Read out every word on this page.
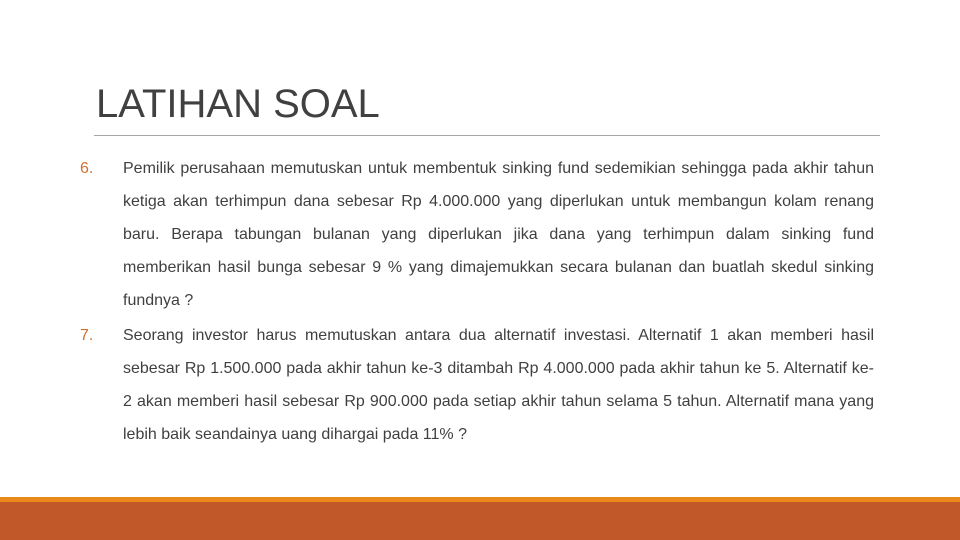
LATIHAN SOAL
6. Pemilik perusahaan memutuskan untuk membentuk sinking fund sedemikian sehingga pada akhir tahun ketiga akan terhimpun dana sebesar Rp 4.000.000 yang diperlukan untuk membangun kolam renang baru. Berapa tabungan bulanan yang diperlukan jika dana yang terhimpun dalam sinking fund memberikan hasil bunga sebesar 9 % yang dimajemukkan secara bulanan dan buatlah skedul sinking fundnya ?
7. Seorang investor harus memutuskan antara dua alternatif investasi. Alternatif 1 akan memberi hasil sebesar Rp 1.500.000 pada akhir tahun ke-3 ditambah Rp 4.000.000 pada akhir tahun ke 5. Alternatif ke-2 akan memberi hasil sebesar Rp 900.000 pada setiap akhir tahun selama 5 tahun. Alternatif mana yang lebih baik seandainya uang dihargai pada 11% ?
